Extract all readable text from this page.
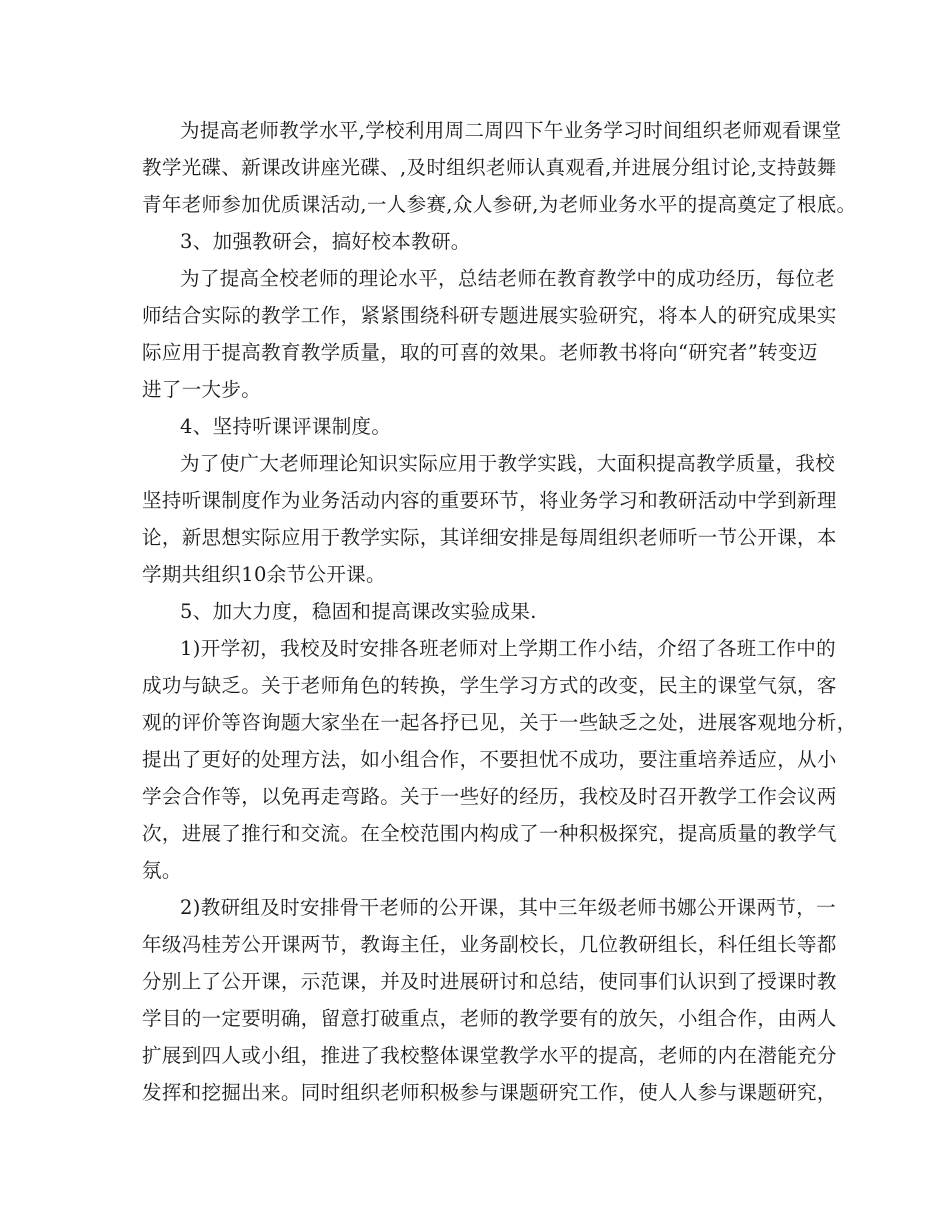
为提高老师教学水平,学校利用周二周四下午业务学习时间组织老师观看课堂

教学光碟、新课改讲座光碟、,及时组织老师认真观看,并进展分组讨论,支持鼓舞

青年老师参加优质课活动,一人参赛,众人参研,为老师业务水平的提高奠定了根底。

3、加强教研会，搞好校本教研。

为了提高全校老师的理论水平，总结老师在教育教学中的成功经历，每位老

师结合实际的教学工作，紧紧围绕科研专题进展实验研究，将本人的研究成果实

际应用于提高教育教学质量，取的可喜的效果。老师教书将向“研究者”转变迈

进了一大步。

4、坚持听课评课制度。

为了使广大老师理论知识实际应用于教学实践，大面积提高教学质量，我校

坚持听课制度作为业务活动内容的重要环节，将业务学习和教研活动中学到新理

论，新思想实际应用于教学实际，其详细安排是每周组织老师听一节公开课，本

学期共组织10余节公开课。

5、加大力度，稳固和提高课改实验成果.

1)开学初，我校及时安排各班老师对上学期工作小结，介绍了各班工作中的

成功与缺乏。关于老师角色的转换，学生学习方式的改变，民主的课堂气氛，客

观的评价等咨询题大家坐在一起各抒已见，关于一些缺乏之处，进展客观地分析，

提出了更好的处理方法，如小组合作，不要担忧不成功，要注重培养适应，从小

学会合作等，以免再走弯路。关于一些好的经历，我校及时召开教学工作会议两

次，进展了推行和交流。在全校范围内构成了一种积极探究，提高质量的教学气

氛。

2)教研组及时安排骨干老师的公开课，其中三年级老师书娜公开课两节，一

年级冯桂芳公开课两节，教诲主任，业务副校长，几位教研组长，科任组长等都

分别上了公开课，示范课，并及时进展研讨和总结，使同事们认识到了授课时教

学目的一定要明确，留意打破重点，老师的教学要有的放矢，小组合作，由两人

扩展到四人或小组，推进了我校整体课堂教学水平的提高，老师的内在潜能充分

发挥和挖掘出来。同时组织老师积极参与课题研究工作，使人人参与课题研究，
